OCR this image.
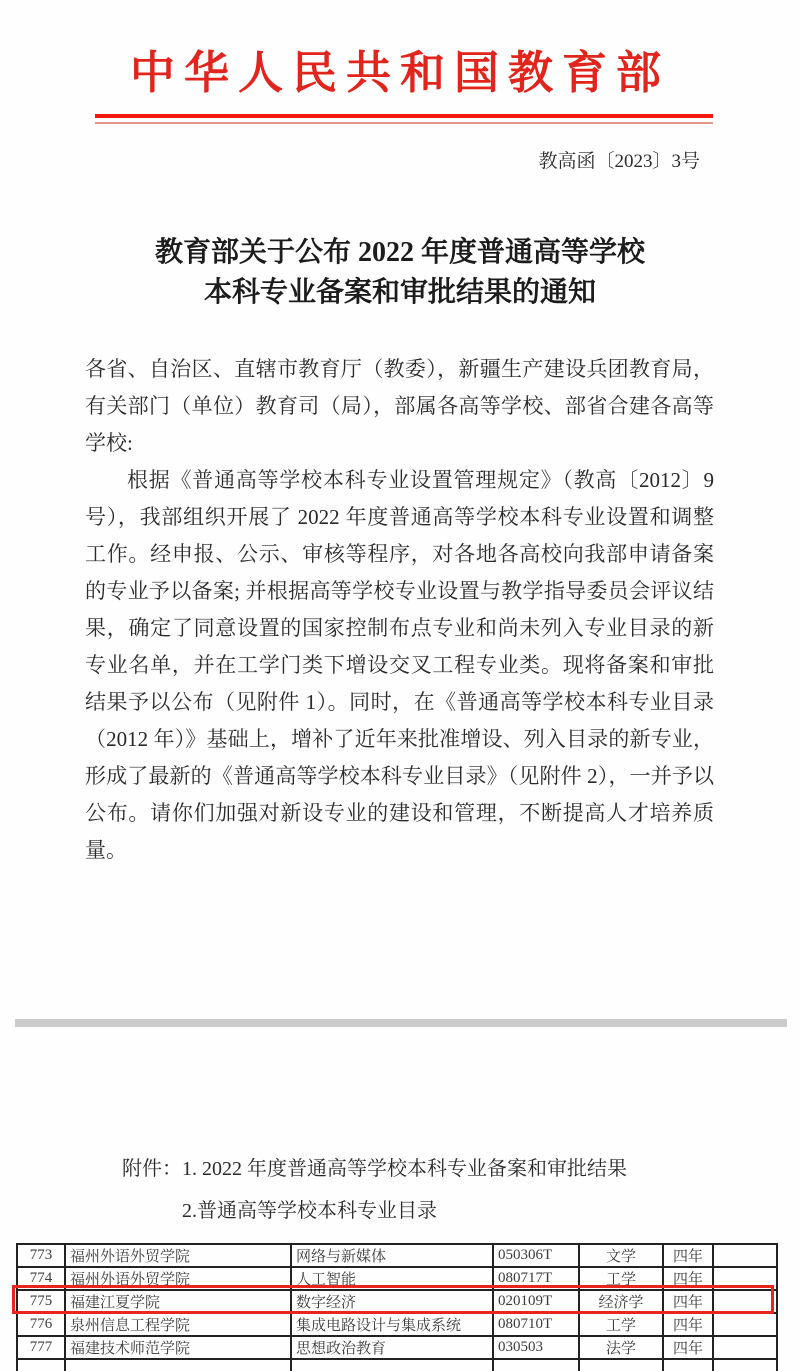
中华人民共和国教育部
教高函〔2023〕3号
教育部关于公布 2022 年度普通高等学校
本科专业备案和审批结果的通知

各省、自治区、直辖市教育厅（教委），新疆生产建设兵团教育局，有关部门（单位）教育司（局），部属各高等学校、部省合建各高等学校:

根据《普通高等学校本科专业设置管理规定》（教高〔2012〕9号），我部组织开展了 2022 年度普通高等学校本科专业设置和调整工作。经申报、公示、审核等程序，对各地各高校向我部申请备案的专业予以备案; 并根据高等学校专业设置与教学指导委员会评议结果，确定了同意设置的国家控制布点专业和尚未列入专业目录的新专业名单，并在工学门类下增设交叉工程专业类。现将备案和审批结果予以公布（见附件 1）。同时，在《普通高等学校本科专业目录（2012 年）》基础上，增补了近年来批准增设、列入目录的新专业，形成了最新的《普通高等学校本科专业目录》（见附件 2），一并予以公布。请你们加强对新设专业的建设和管理，不断提高人才培养质量。

附件： 1. 2022 年度普通高等学校本科专业备案和审批结果
2.普通高等学校本科专业目录
773	福州外语外贸学院	网络与新媒体	050306T	文学	四年	
774	福州外语外贸学院	人工智能	080717T	工学	四年	
775	福建江夏学院	数字经济	020109T	经济学	四年	
776	泉州信息工程学院	集成电路设计与集成系统	080710T	工学	四年	
777	福建技术师范学院	思想政治教育	030503	法学	四年	
